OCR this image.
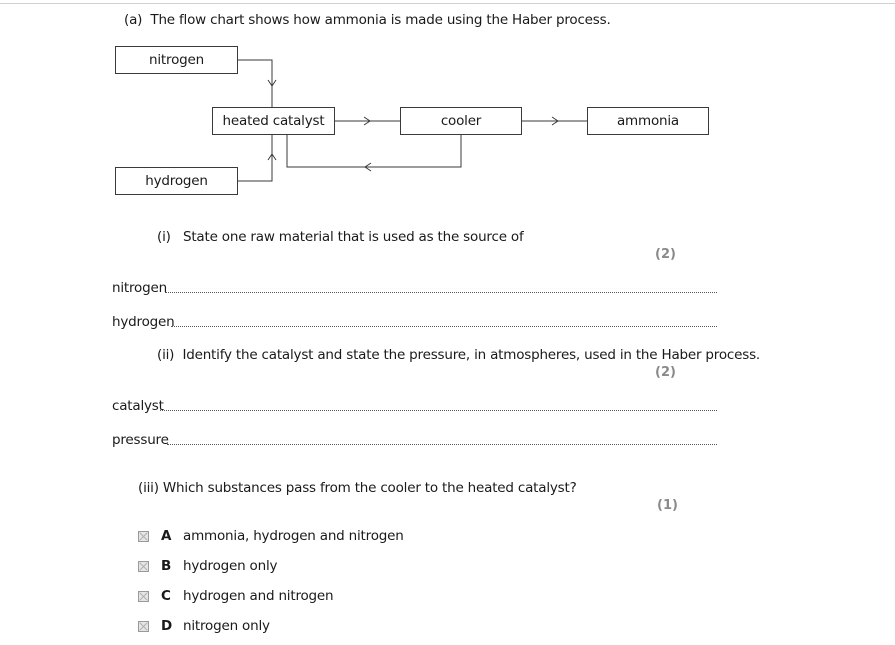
(a) The flow chart shows how ammonia is made using the Haber process.
nitrogen
heated catalyst	cooler	ammonia
hydrogen
(i) State one raw material that is used as the source of
(2)
nitrogen
hydrogen
(ii) Identify the catalyst and state the pressure, in atmospheres, used in the Haber process.
(2)
catalyst
pressure
(iii) Which substances pass from the cooler to the heated catalyst?
(1)
A ammonia, hydrogen and nitrogen
B hydrogen only
C hydrogen and nitrogen
D nitrogen only
